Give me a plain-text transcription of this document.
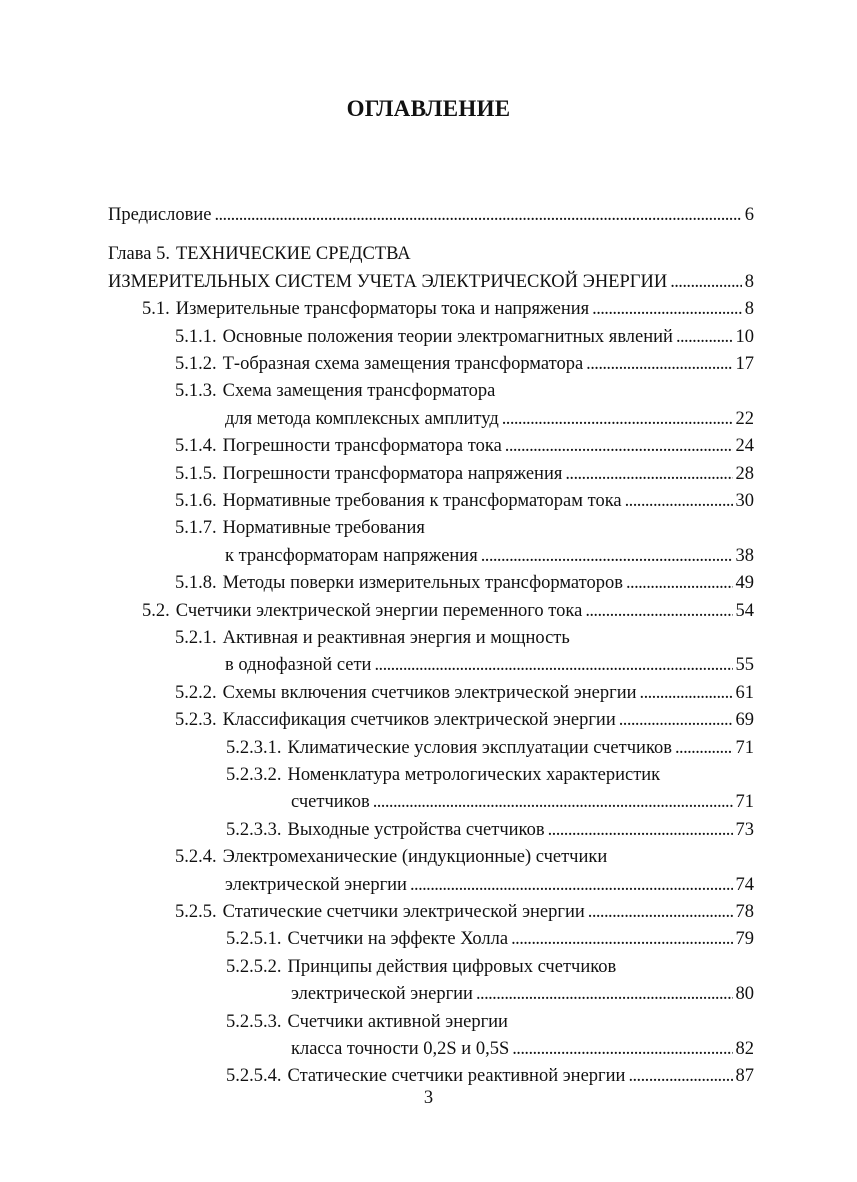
ОГЛАВЛЕНИЕ
Предисловие . . .	6
Глава 5. ТЕХНИЧЕСКИЕ СРЕДСТВА
ИЗМЕРИТЕЛЬНЫХ СИСТЕМ УЧЕТА ЭЛЕКТРИЧЕСКОЙ ЭНЕРГИИ . . .	8
5.1. Измерительные трансформаторы тока и напряжения . . .	8
5.1.1. Основные положения теории электромагнитных явлений . . .	10
5.1.2. Т-образная схема замещения трансформатора . . .	17
5.1.3. Схема замещения трансформатора
для метода комплексных амплитуд . . .	22
5.1.4. Погрешности трансформатора тока . . .	24
5.1.5. Погрешности трансформатора напряжения . . .	28
5.1.6. Нормативные требования к трансформаторам тока . . .	30
5.1.7. Нормативные требования
к трансформаторам напряжения . . .	38
5.1.8. Методы поверки измерительных трансформаторов . . .	49
5.2. Счетчики электрической энергии переменного тока . . .	54
5.2.1. Активная и реактивная энергия и мощность
в однофазной сети . . .	55
5.2.2. Схемы включения счетчиков электрической энергии . . .	61
5.2.3. Классификация счетчиков электрической энергии . . .	69
5.2.3.1. Климатические условия эксплуатации счетчиков . . .	71
5.2.3.2. Номенклатура метрологических характеристик
счетчиков . . .	71
5.2.3.3. Выходные устройства счетчиков . . .	73
5.2.4. Электромеханические (индукционные) счетчики
электрической энергии . . .	74
5.2.5. Статические счетчики электрической энергии . . .	78
5.2.5.1. Счетчики на эффекте Холла . . .	79
5.2.5.2. Принципы действия цифровых счетчиков
электрической энергии . . .	80
5.2.5.3. Счетчики активной энергии
класса точности 0,2S и 0,5S . . .	82
5.2.5.4. Статические счетчики реактивной энергии . . .	87
3
